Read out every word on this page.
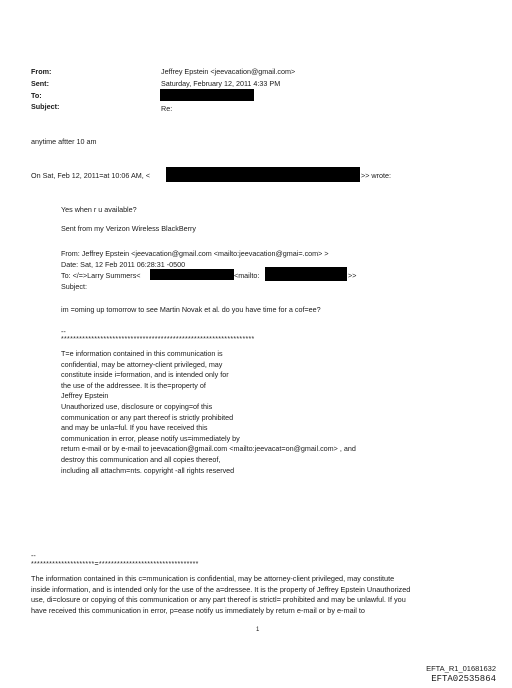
From:	Jeffrey Epstein <jeevacation@gmail.com>
Sent:	Saturday, February 12, 2011 4:33 PM
To:
Subject:	Re:
anytime aftter 10 am
On Sat, Feb 12, 2011=at 10:06 AM, <	>> wrote:
Yes when r u available?
Sent from my Verizon Wireless BlackBerry
From: Jeffrey Epstein <jeevacation@gmail.com <mailto:jeevacation@gmai=.com> >
Date: Sat, 12 Feb 2011 06:28:31 -0500
To: </=>Larry Summers<	<mailto:	>>
Subject:
im =oming up tomorrow to see Martin Novak et al. do you have time for a cof=ee?
--
****************************************************************
T=e information contained in this communication is
confidential, may be attorney-client privileged, may
constitute inside i=formation, and is intended only for
the use of the addressee. It is the=property of
Jeffrey Epstein
Unauthorized use, disclosure or copying=of this
communication or any part thereof is strictly prohibited
and may be unla=ful. If you have received this
communication in error, please notify us=immediately by
return e-mail or by e-mail to jeevacation@gmail.com <mailto:jeevacat=on@gmail.com> , and
destroy this communication and all copies thereof,
including all attachm=nts. copyright -all rights reserved
--
*********************=*********************************
The information contained in this c=mmunication is confidential, may be attorney-client privileged, may constitute
inside information, and is intended only for the use of the a=dressee. It is the property of Jeffrey Epstein Unauthorized
use, di=closure or copying of this communication or any part thereof is strictl= prohibited and may be unlawful. If you
have received this communication in error, p=ease notify us immediately by return e-mail or by e-mail to
1
EFTA_R1_01681632
EFTA02535864
